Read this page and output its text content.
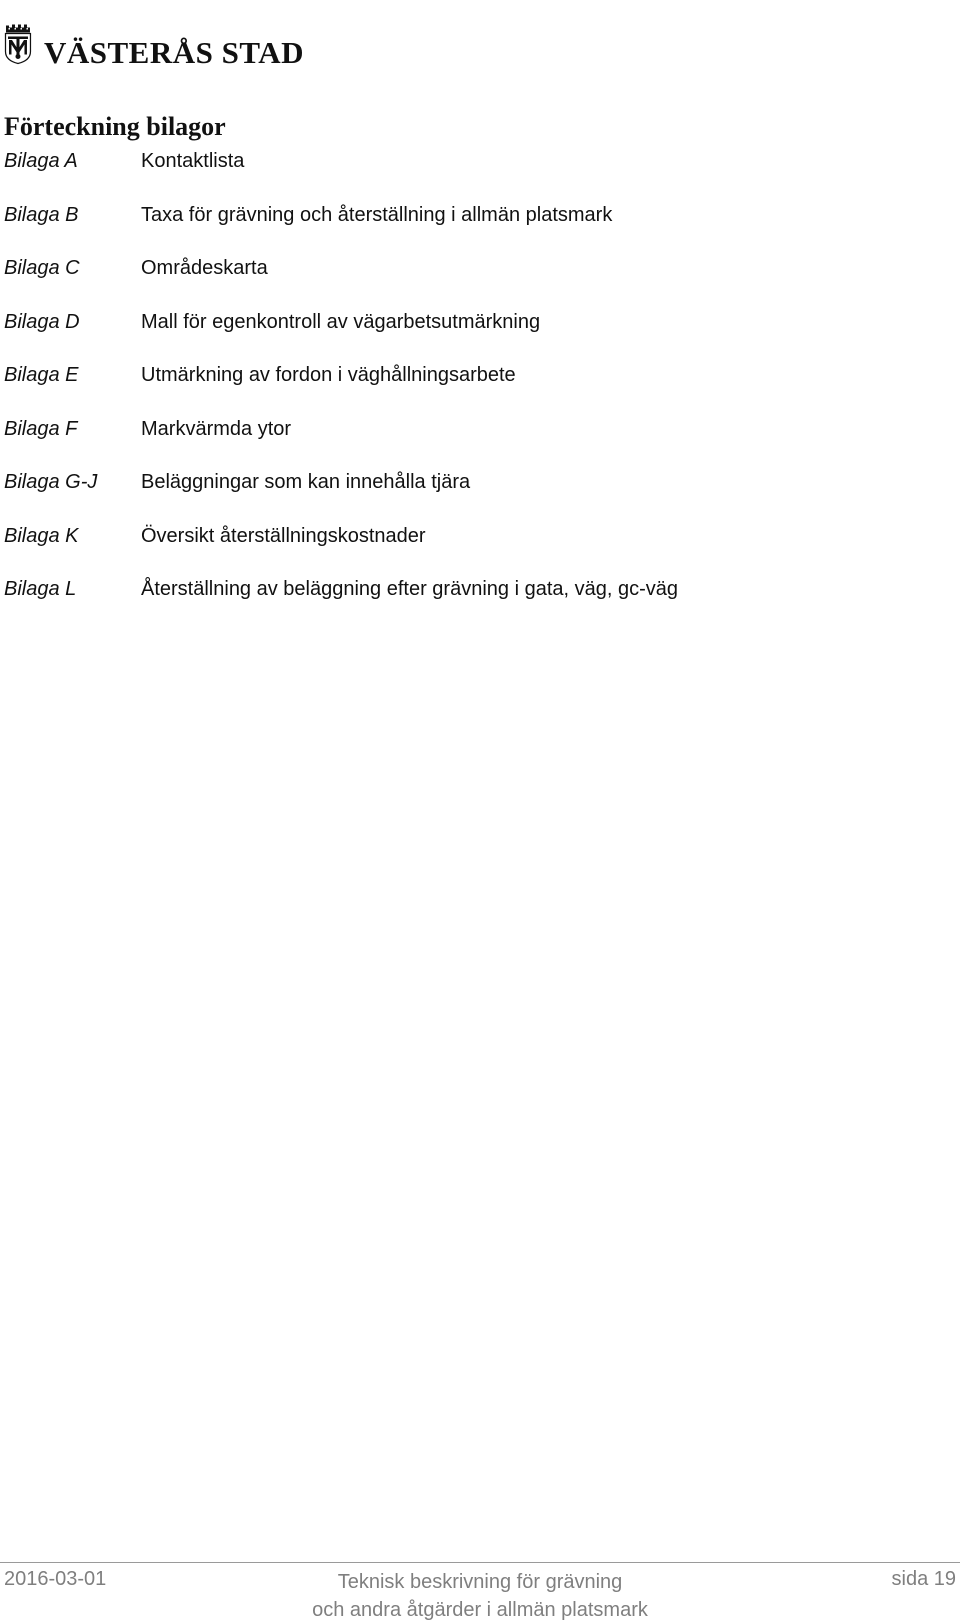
VÄSTERÅS STAD
Förteckning bilagor
Bilaga A	Kontaktlista
Bilaga B	Taxa för grävning och återställning i allmän platsmark
Bilaga C	Områdeskarta
Bilaga D	Mall för egenkontroll av vägarbetsutmärkning
Bilaga E	Utmärkning av fordon i väghållningsarbete
Bilaga F	Markvärmda ytor
Bilaga G-J Beläggningar som kan innehålla tjära
Bilaga K	Översikt återställningskostnader
Bilaga L	Återställning av beläggning efter grävning i gata, väg, gc-väg
2016-03-01	Teknisk beskrivning för grävning
och andra åtgärder i allmän platsmark
sida 19
